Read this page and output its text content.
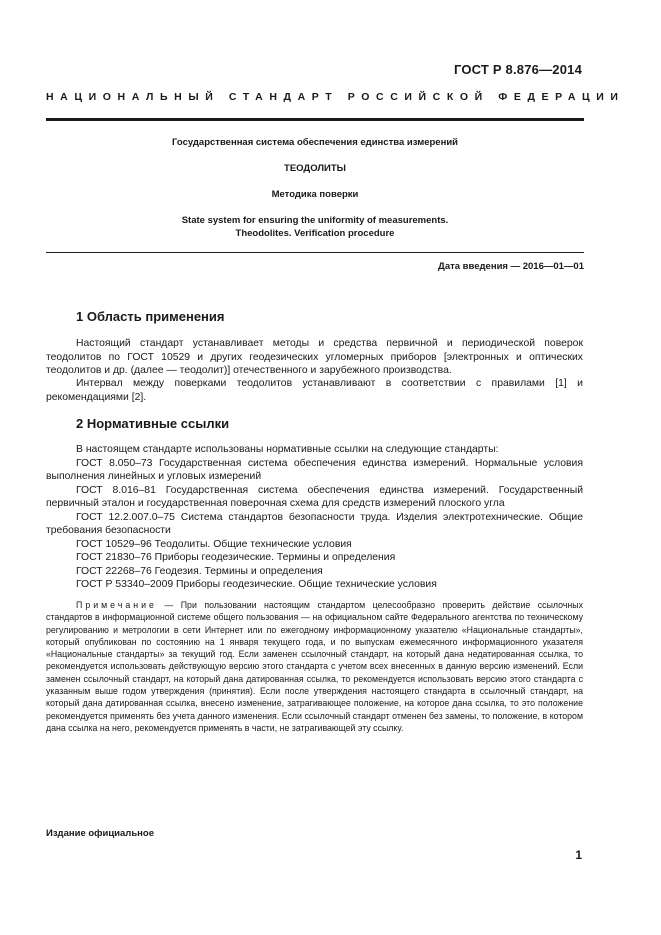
ГОСТ Р 8.876—2014
НАЦИОНАЛЬНЫЙ СТАНДАРТ РОССИЙСКОЙ ФЕДЕРАЦИИ
Государственная система обеспечения единства измерений
ТЕОДОЛИТЫ
Методика поверки
State system for ensuring the uniformity of measurements.
Theodolites. Verification procedure
Дата введения — 2016—01—01
1 Область применения

Настоящий стандарт устанавливает методы и средства первичной и периодической поверок теодолитов по ГОСТ 10529 и других геодезических угломерных приборов [электронных и оптических теодолитов и др. (далее — теодолит)] отечественного и зарубежного производства.

Интервал между поверками теодолитов устанавливают в соответствии с правилами [1] и рекомендациями [2].

2 Нормативные ссылки

В настоящем стандарте использованы нормативные ссылки на следующие стандарты:

ГОСТ 8.050–73 Государственная система обеспечения единства измерений. Нормальные условия выполнения линейных и угловых измерений

ГОСТ 8.016–81 Государственная система обеспечения единства измерений. Государственный первичный эталон и государственная поверочная схема для средств измерений плоского угла

ГОСТ 12.2.007.0–75 Система стандартов безопасности труда. Изделия электротехнические. Общие требования безопасности

ГОСТ 10529–96 Теодолиты. Общие технические условия

ГОСТ 21830–76 Приборы геодезические. Термины и определения

ГОСТ 22268–76 Геодезия. Термины и определения

ГОСТ Р 53340–2009 Приборы геодезические. Общие технические условия

Примечание — При пользовании настоящим стандартом целесообразно проверить действие ссылочных стандартов в информационной системе общего пользования — на официальном сайте Федерального агентства по техническому регулированию и метрологии в сети Интернет или по ежегодному информационному указателю «Национальные стандарты», который опубликован по состоянию на 1 января текущего года, и по выпускам ежемесячного информационного указателя «Национальные стандарты» за текущий год. Если заменен ссылочный стандарт, на который дана недатированная ссылка, то рекомендуется использовать действующую версию этого стандарта с учетом всех внесенных в данную версию изменений. Если заменен ссылочный стандарт, на который дана датированная ссылка, то рекомендуется использовать версию этого стандарта с указанным выше годом утверждения (принятия). Если после утверждения настоящего стандарта в ссылочный стандарт, на который дана датированная ссылка, внесено изменение, затрагивающее положение, на которое дана ссылка, то это положение рекомендуется применять без учета данного изменения. Если ссылочный стандарт отменен без замены, то положение, в котором дана ссылка на него, рекомендуется применять в части, не затрагивающей эту ссылку.

Издание официальное
1
